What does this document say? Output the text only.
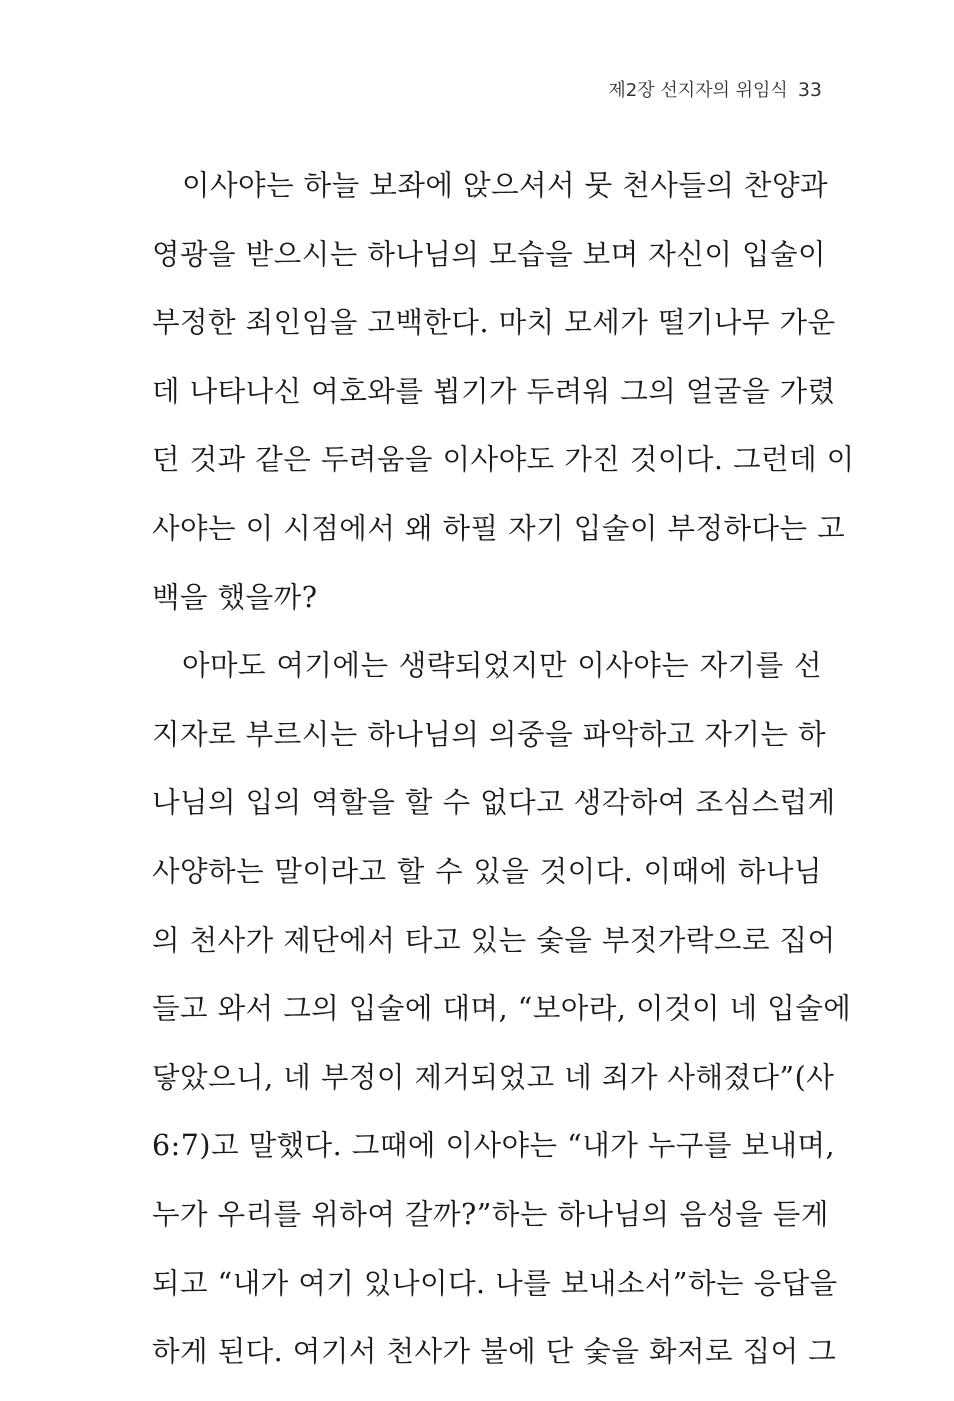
제2장 선지자의 위임식 33
이사야는 하늘 보좌에 앉으셔서 뭇 천사들의 찬양과
영광을 받으시는 하나님의 모습을 보며 자신이 입술이
부정한 죄인임을 고백한다. 마치 모세가 떨기나무 가운
데 나타나신 여호와를 뵙기가 두려워 그의 얼굴을 가렸
던 것과 같은 두려움을 이사야도 가진 것이다. 그런데 이
사야는 이 시점에서 왜 하필 자기 입술이 부정하다는 고
백을 했을까?
아마도 여기에는 생략되었지만 이사야는 자기를 선
지자로 부르시는 하나님의 의중을 파악하고 자기는 하
나님의 입의 역할을 할 수 없다고 생각하여 조심스럽게
사양하는 말이라고 할 수 있을 것이다. 이때에 하나님
의 천사가 제단에서 타고 있는 숯을 부젓가락으로 집어
들고 와서 그의 입술에 대며, “보아라, 이것이 네 입술에
닿았으니, 네 부정이 제거되었고 네 죄가 사해졌다”(사
6:7)고 말했다. 그때에 이사야는 “내가 누구를 보내며,
누가 우리를 위하여 갈까?”하는 하나님의 음성을 듣게
되고 “내가 여기 있나이다. 나를 보내소서”하는 응답을
하게 된다. 여기서 천사가 불에 단 숯을 화저로 집어 그
